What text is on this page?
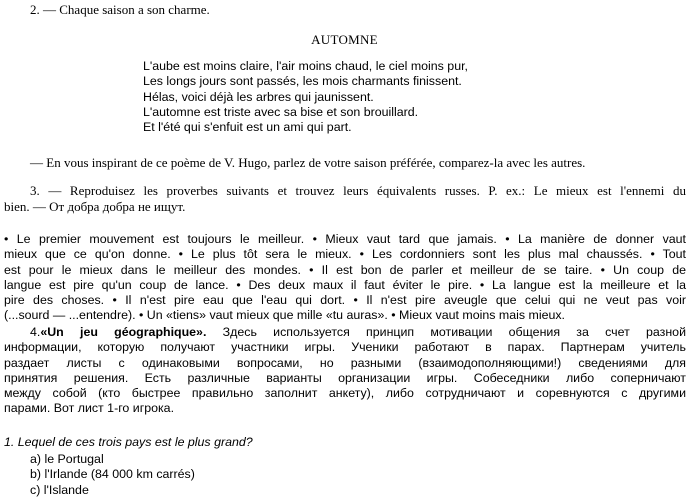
2. — Chaque saison a son charme.
AUTOMNE
L'aube est moins claire, l'air moins chaud, le ciel moins pur,
Les longs jours sont passés, les mois charmants finissent.
Hélas, voici déjà les arbres qui jaunissent.
L'automne est triste avec sa bise et son brouillard.
Et l'été qui s'enfuit est un ami qui part.
— En vous inspirant de ce poème de V. Hugo, parlez de votre saison préférée, comparez-la avec les autres.
3. — Reproduisez les proverbes suivants et trouvez leurs équivalents russes. P. ex.: Le mieux est l'ennemi du
bien. — От добра добра не ищут.
• Le premier mouvement est toujours le meilleur. • Mieux vaut tard que jamais. • La manière de donner vaut
mieux que ce qu'on donne. • Le plus tôt sera le mieux. • Les cordonniers sont les plus mal chaussés. • Tout
est pour le mieux dans le meilleur des mondes. • Il est bon de parler et meilleur de se taire. • Un coup de
langue est pire qu'un coup de lance. • Des deux maux il faut éviter le pire. • La langue est la meilleure et la
pire des choses. • Il n'est pire eau que l'eau qui dort. • Il n'est pire aveugle que celui qui ne veut pas voir
(...sourd — ...entendre). • Un «tiens» vaut mieux que mille «tu auras». • Mieux vaut moins mais mieux.
4.«Un jeu géographique». Здесь используется принцип мотивации общения за счет разной
информации, которую получают участники игры. Ученики работают в парах. Партнерам учитель
раздает листы с одинаковыми вопросами, но разными (взаимодополняющими!) сведениями для
принятия решения. Есть различные варианты организации игры. Собеседники либо соперничают
между собой (кто быстрее правильно заполнит анкету), либо сотрудничают и соревнуются с другими
парами. Вот лист 1-го игрока.
1. Lequel de ces trois pays est le plus grand?
a) le Portugal
b) l'Irlande (84 000 km carrés)
c) l'Islande
